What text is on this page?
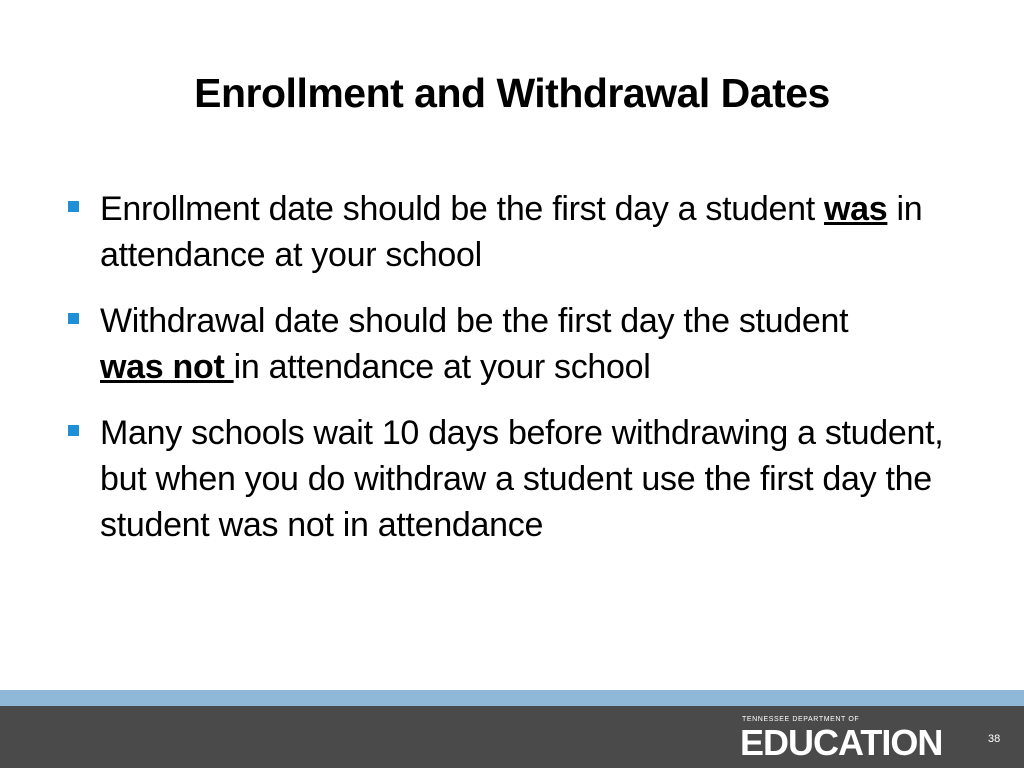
Enrollment and Withdrawal Dates
Enrollment date should be the first day a student was in attendance at your school
Withdrawal date should be the first day the student was not in attendance at your school
Many schools wait 10 days before withdrawing a student, but when you do withdraw a student use the first day the student was not in attendance
TENNESSEE DEPARTMENT OF
EDUCATION	38
